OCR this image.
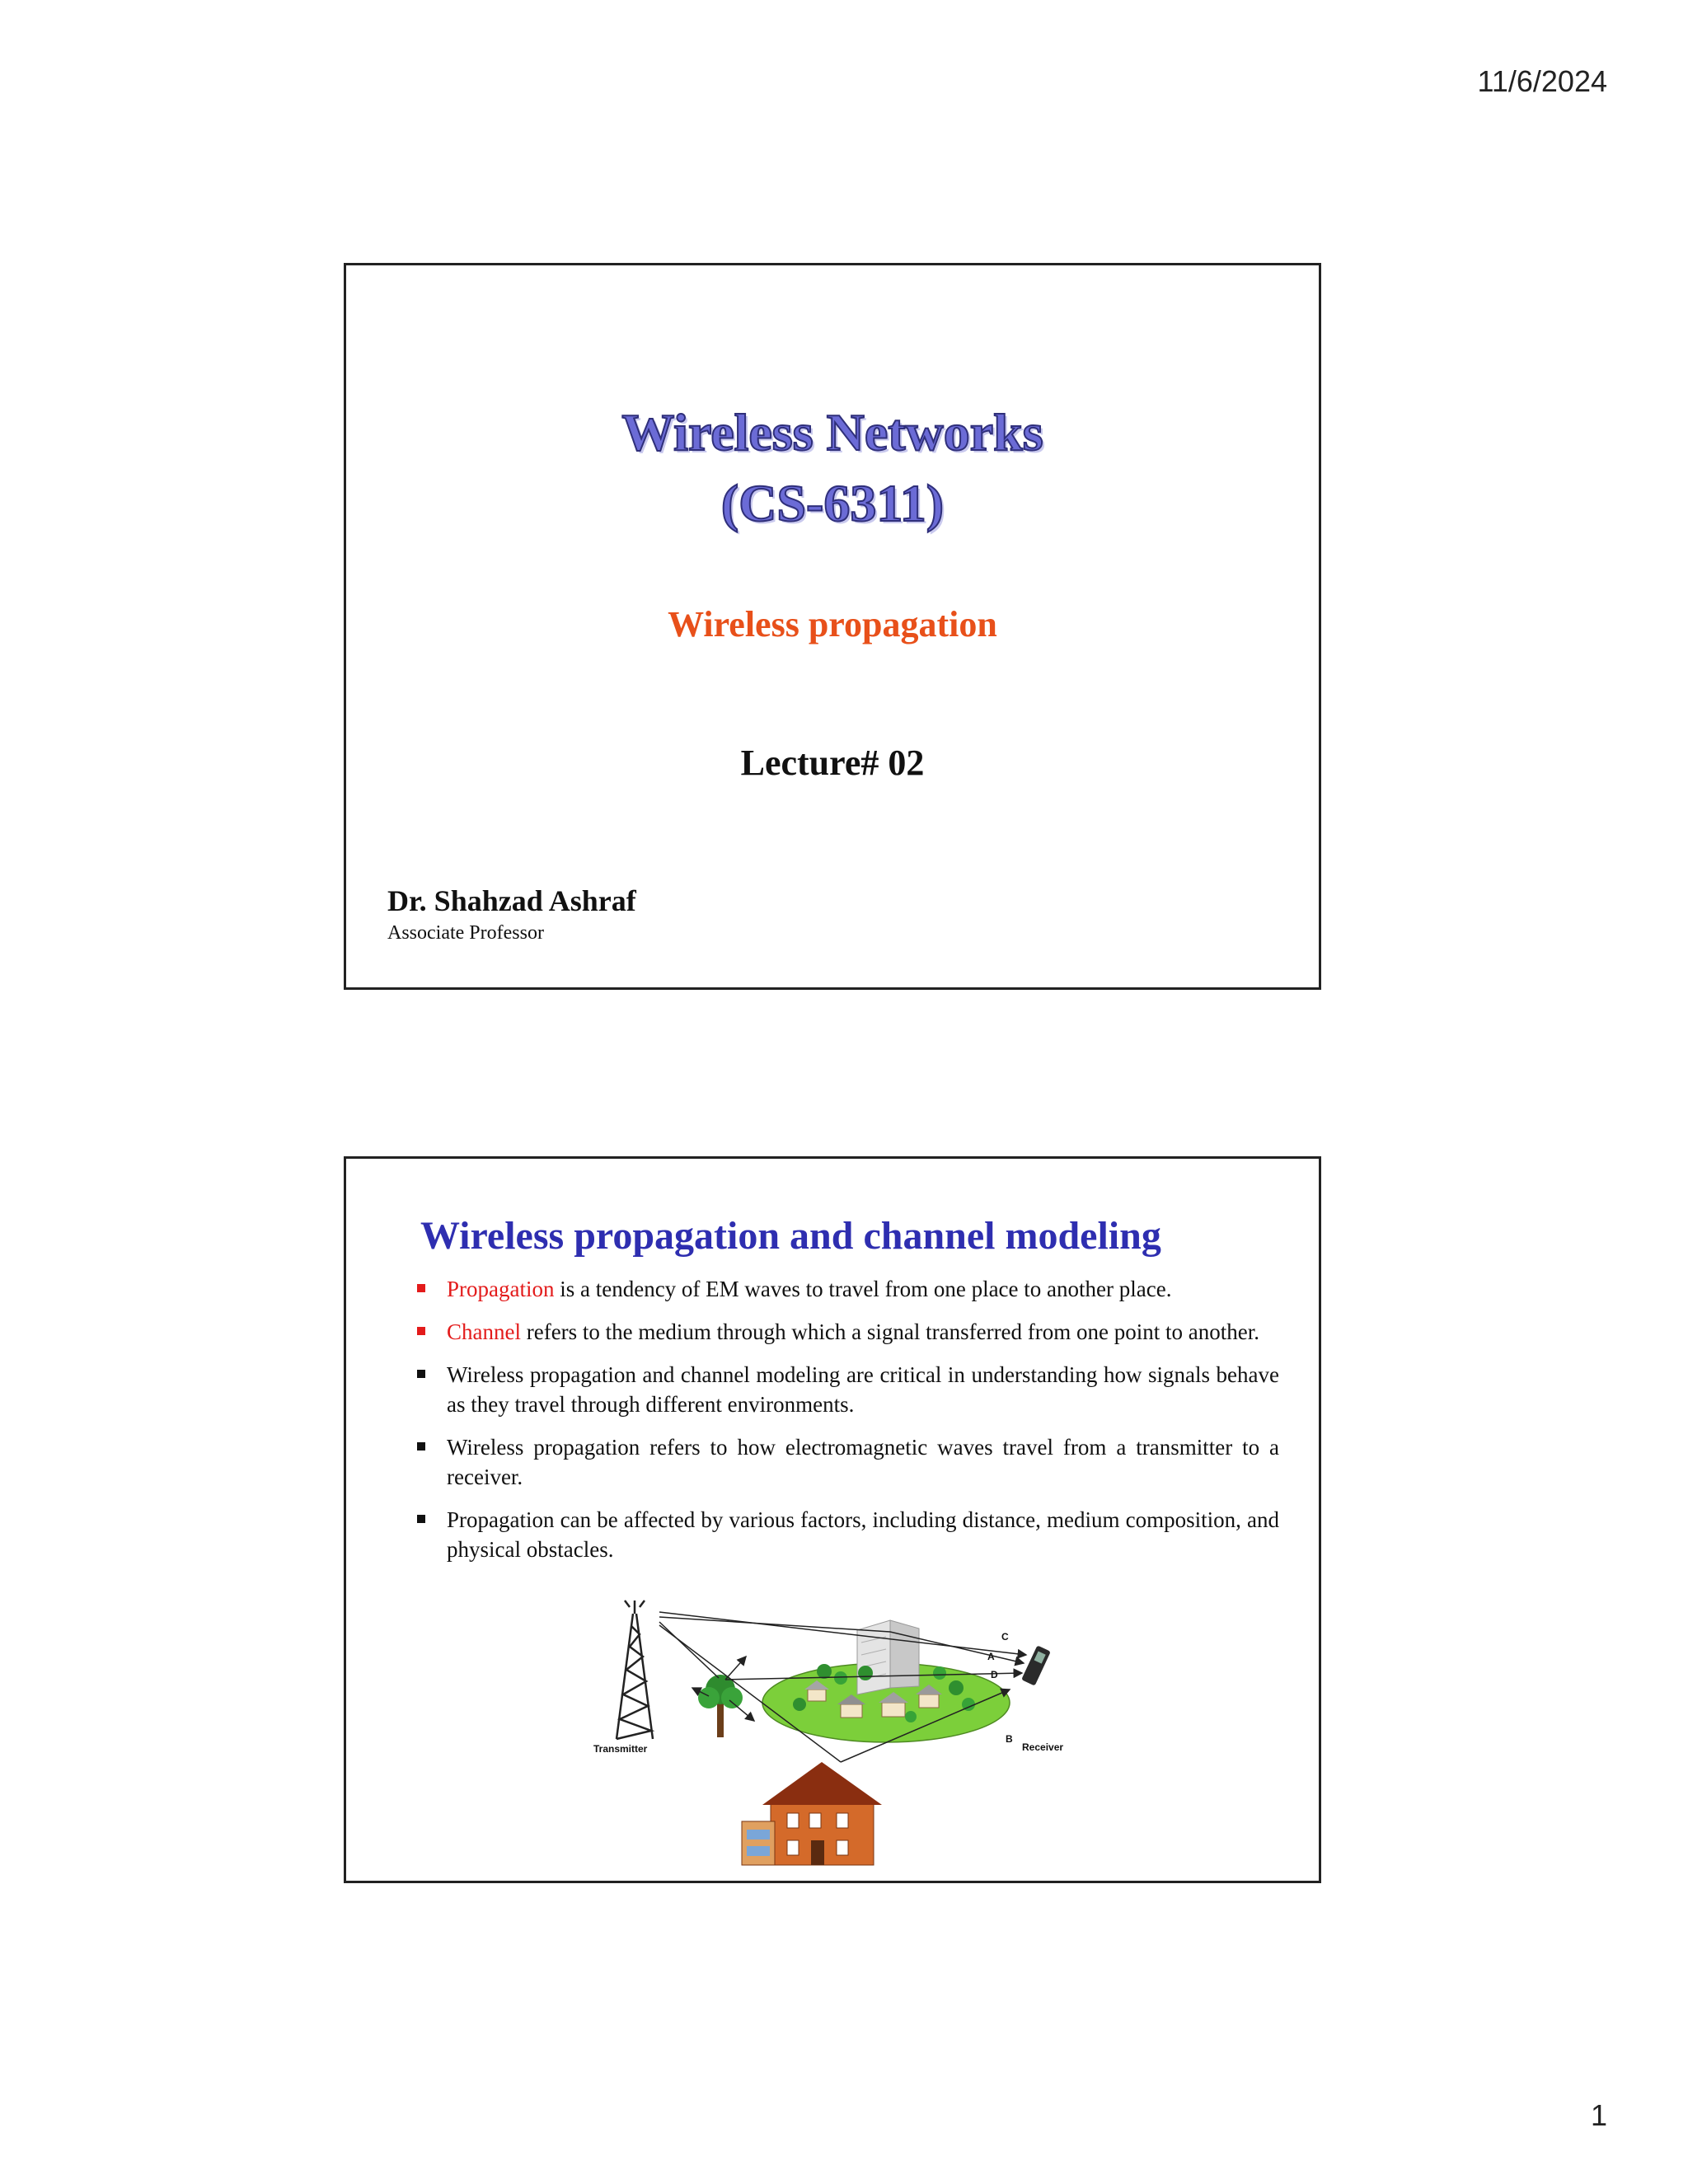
11/6/2024
Wireless Networks
(CS-6311)
Wireless propagation
Lecture# 02
Dr. Shahzad Ashraf
Associate Professor
Wireless propagation and channel modeling
Propagation is a tendency of EM waves to travel from one place to another place.
Channel refers to the medium through which a signal transferred from one point to another.
Wireless propagation and channel modeling are critical in understanding how signals behave as they travel through different environments.
Wireless propagation refers to how electromagnetic waves travel from a transmitter to a receiver.
Propagation can be affected by various factors, including distance, medium composition, and physical obstacles.
Transmitter	Receiver
A
B
C
D
1
